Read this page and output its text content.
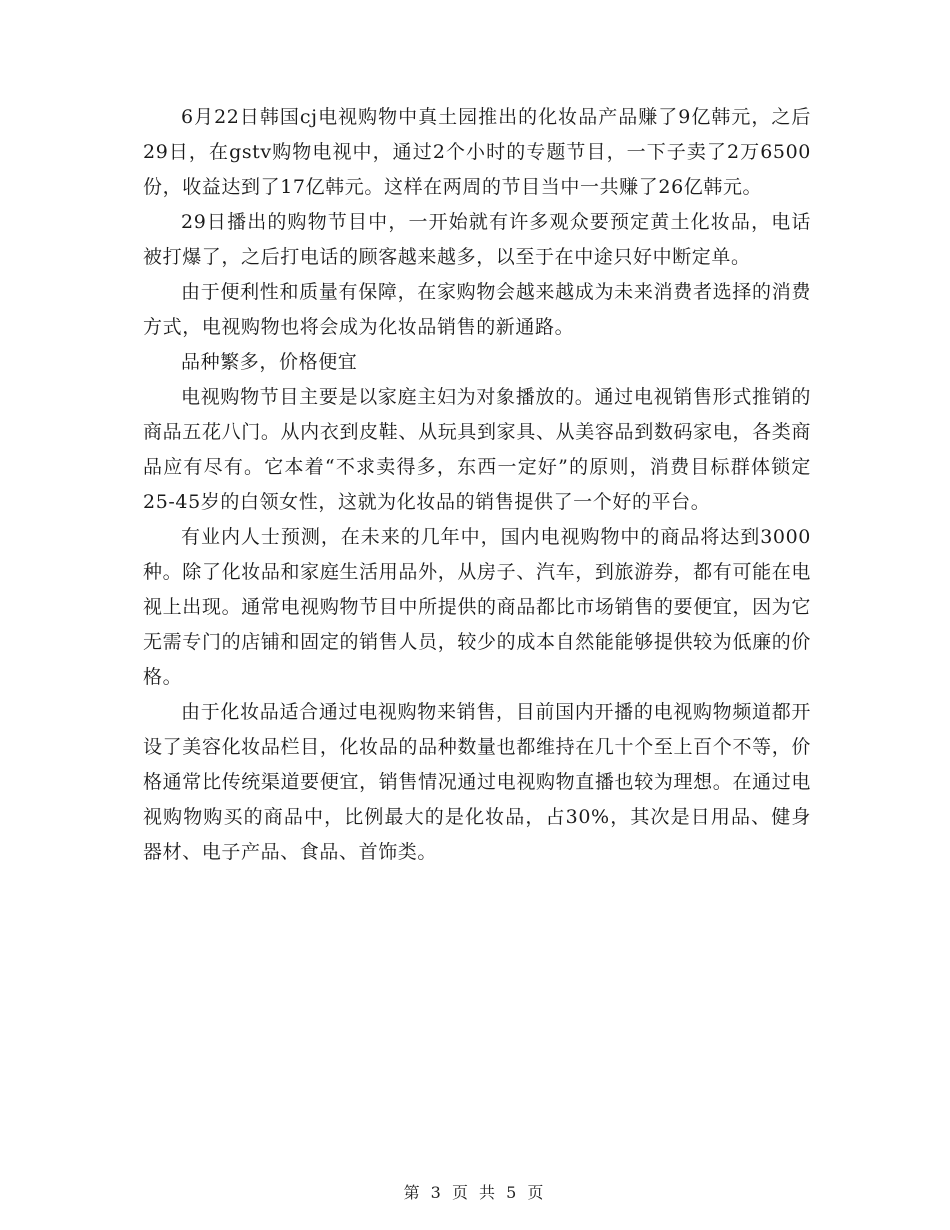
6月22日韩国cj电视购物中真土园推出的化妆品产品赚了9亿韩元，之后29日，在gstv购物电视中，通过2个小时的专题节目，一下子卖了2万6500份，收益达到了17亿韩元。这样在两周的节目当中一共赚了26亿韩元。

29日播出的购物节目中，一开始就有许多观众要预定黄土化妆品，电话被打爆了，之后打电话的顾客越来越多，以至于在中途只好中断定单。

由于便利性和质量有保障，在家购物会越来越成为未来消费者选择的消费方式，电视购物也将会成为化妆品销售的新通路。

品种繁多，价格便宜

电视购物节目主要是以家庭主妇为对象播放的。通过电视销售形式推销的商品五花八门。从内衣到皮鞋、从玩具到家具、从美容品到数码家电，各类商品应有尽有。它本着“不求卖得多，东西一定好”的原则，消费目标群体锁定25-45岁的白领女性，这就为化妆品的销售提供了一个好的平台。

有业内人士预测，在未来的几年中，国内电视购物中的商品将达到3000种。除了化妆品和家庭生活用品外，从房子、汽车，到旅游券，都有可能在电视上出现。通常电视购物节目中所提供的商品都比市场销售的要便宜，因为它无需专门的店铺和固定的销售人员，较少的成本自然能能够提供较为低廉的价格。

由于化妆品适合通过电视购物来销售，目前国内开播的电视购物频道都开设了美容化妆品栏目，化妆品的品种数量也都维持在几十个至上百个不等，价格通常比传统渠道要便宜，销售情况通过电视购物直播也较为理想。在通过电视购物购买的商品中，比例最大的是化妆品，占30%，其次是日用品、健身器材、电子产品、食品、首饰类。

第 3 页 共 5 页
